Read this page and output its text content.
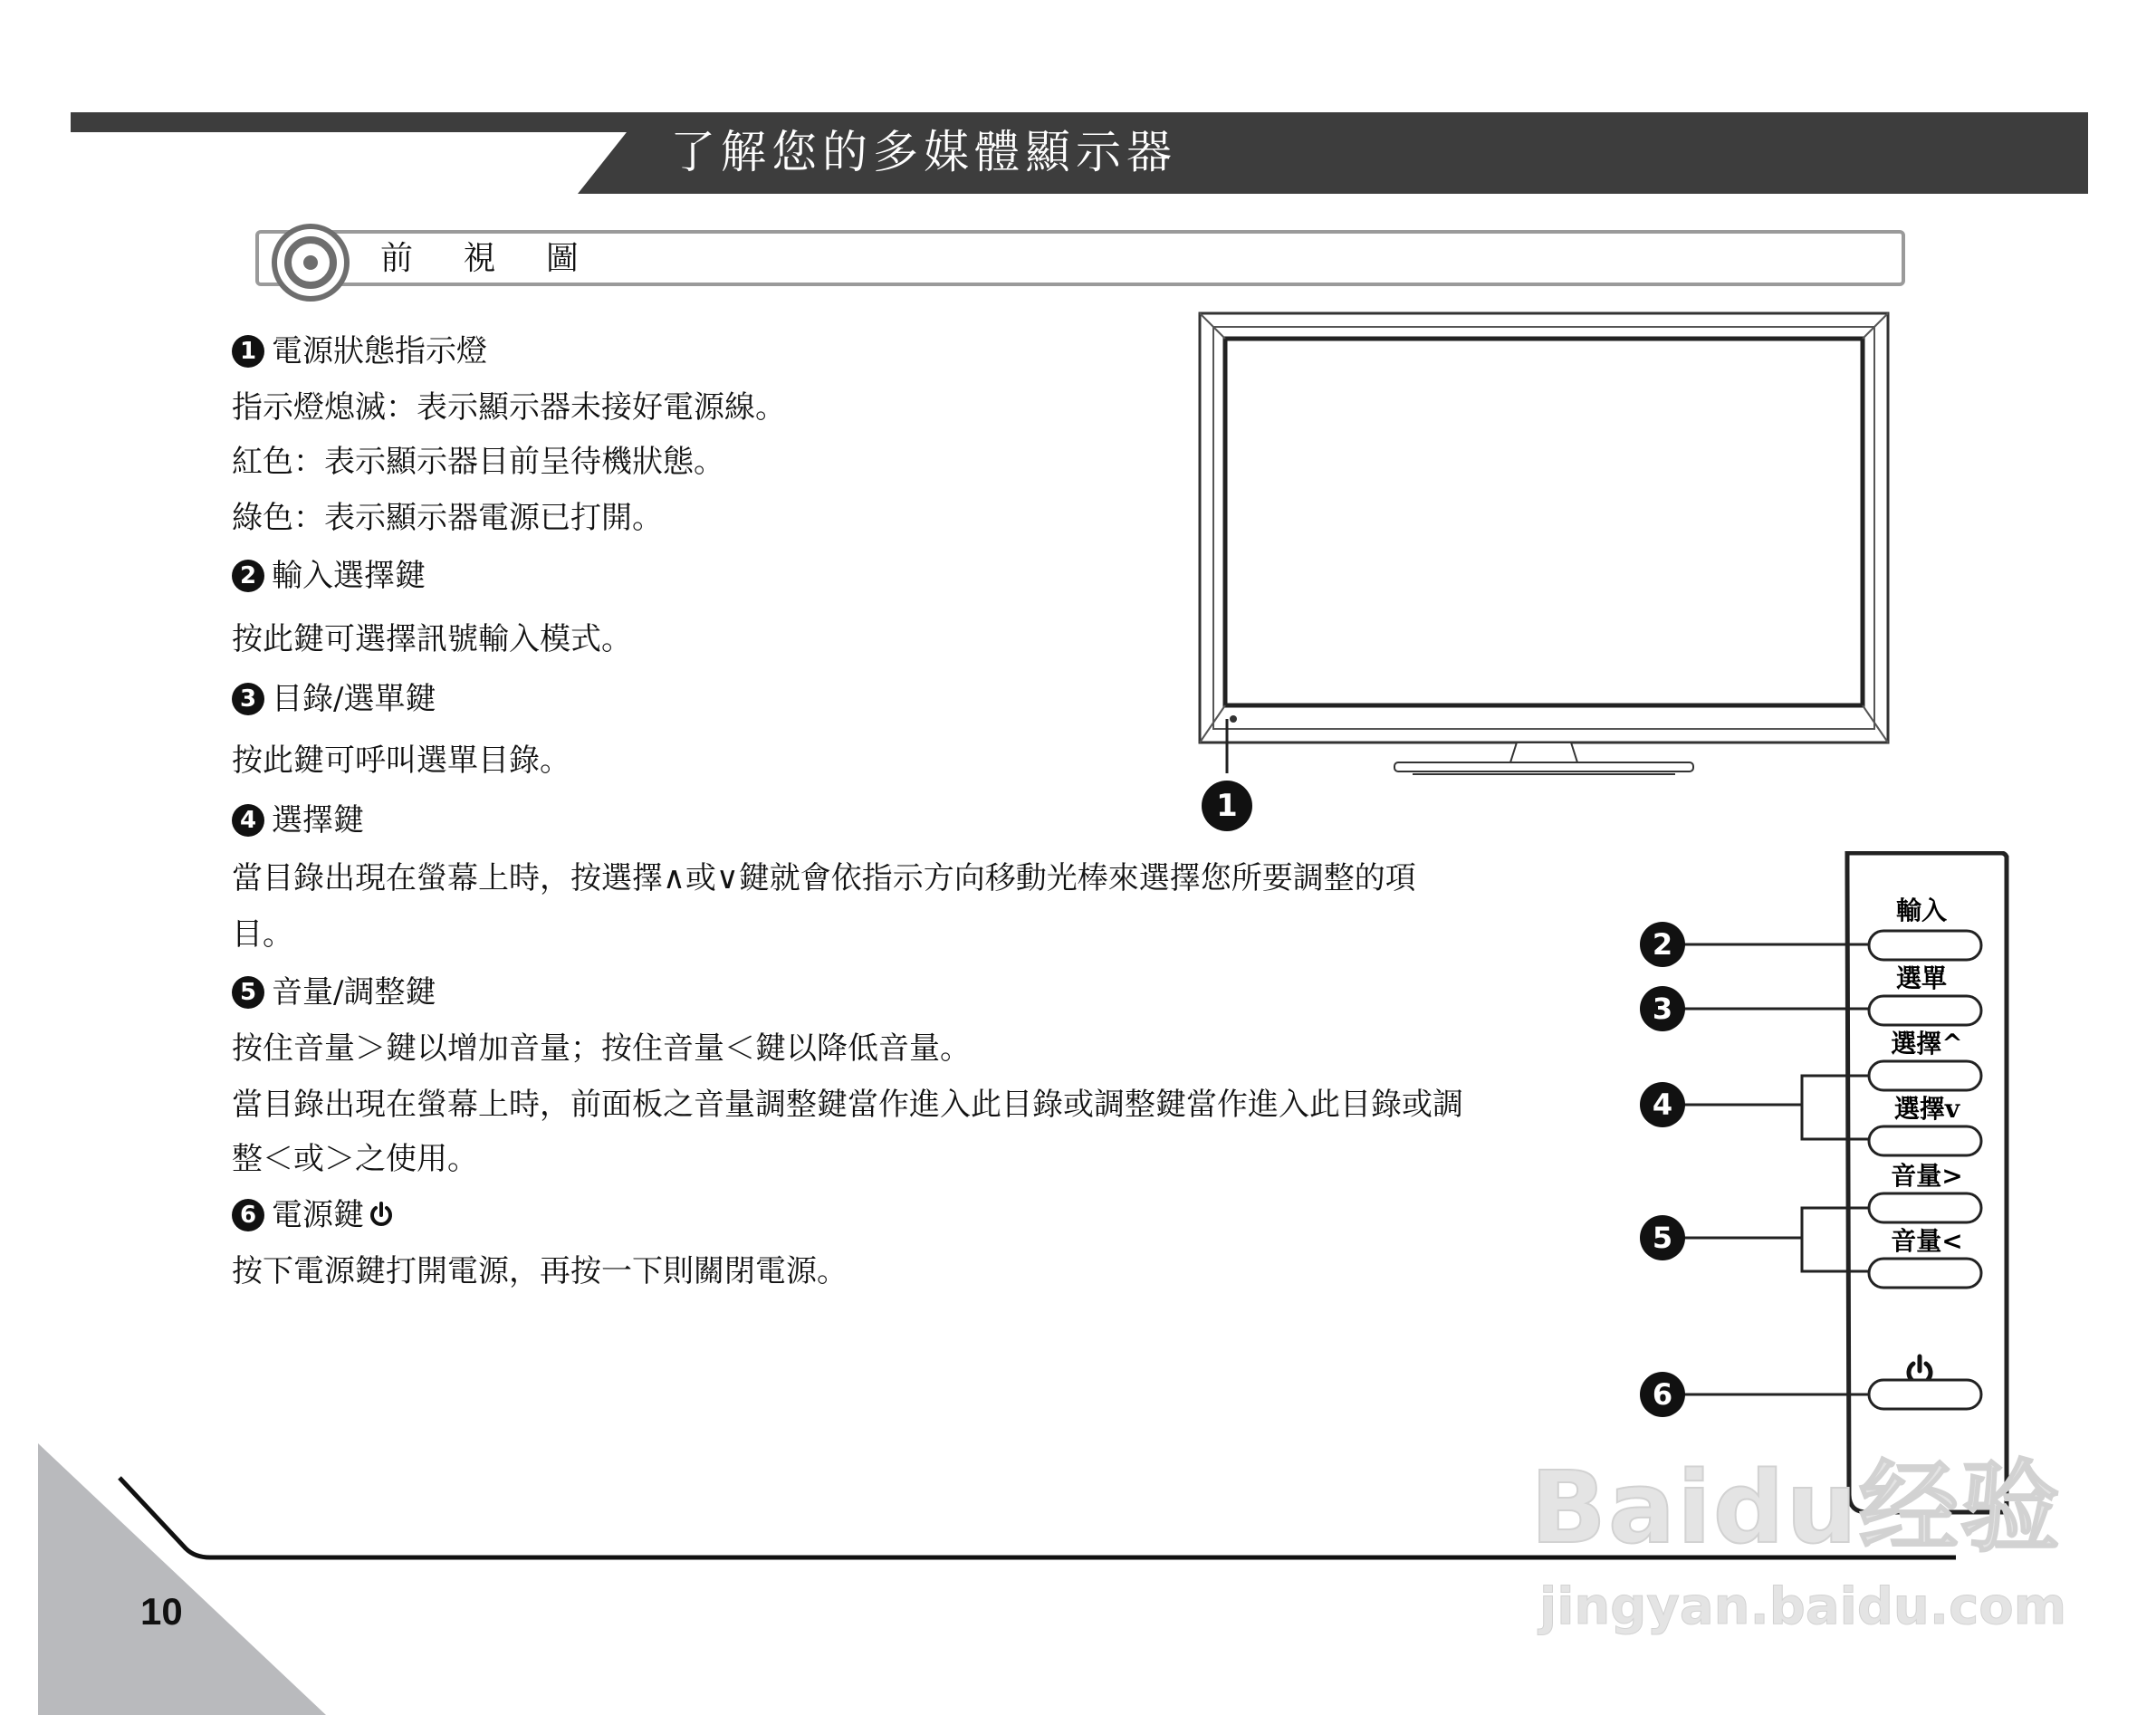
了解您的多媒體顯示器
前 視 圖
1 電源狀態指示燈
指示燈熄滅：表示顯示器未接好電源線。
紅色：表示顯示器目前呈待機狀態。
綠色：表示顯示器電源已打開。
2 輸入選擇鍵
按此鍵可選擇訊號輸入模式。
3 目錄/選單鍵
按此鍵可呼叫選單目錄。
4 選擇鍵
當目錄出現在螢幕上時，按選擇∧或∨鍵就會依指示方向移動光棒來選擇您所要調整的項
目。
5 音量/調整鍵
按住音量＞鍵以增加音量；按住音量＜鍵以降低音量。
當目錄出現在螢幕上時，前面板之音量調整鍵當作進入此目錄或調整鍵當作進入此目錄或調
整＜或＞之使用。
6 電源鍵
按下電源鍵打開電源，再按一下則關閉電源。
1
輸入
選單
選擇^
選擇v
音量>
音量<
2
3
4
5
6
10
Baidu经验
jingyan.baidu.com
